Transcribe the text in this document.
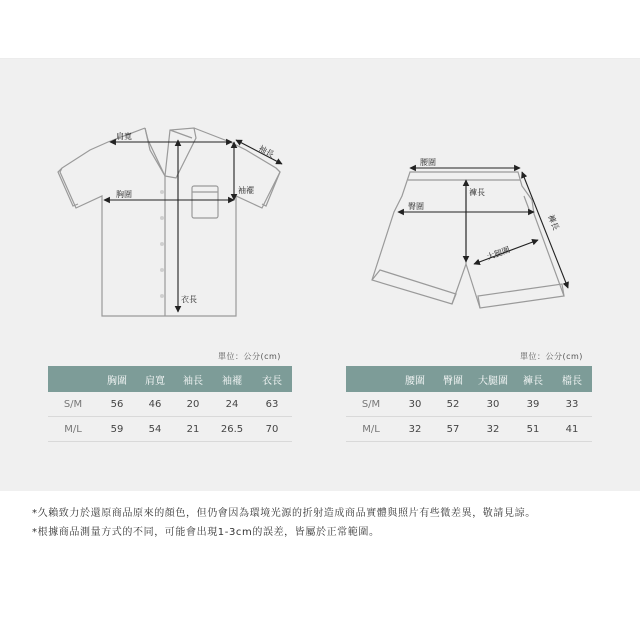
肩寬
袖長
胸圍	袖襬
衣長
腰圍
褲長
臀圍
大腿圍
褲長
單位：公分(cm)	單位：公分(cm)
	胸圍	肩寬	袖長	袖襬	衣長
S/M	56	46	20	24	63
M/L	59	54	21	26.5	70
	腰圍	臀圍	大腿圍	褲長	檔長
S/M	30	52	30	39	33
M/L	32	57	32	51	41
*久賴致力於還原商品原來的顏色，但仍會因為環境光源的折射造成商品實體與照片有些微差異，敬請見諒。
*根據商品測量方式的不同，可能會出現1-3cm的誤差，皆屬於正常範圍。
